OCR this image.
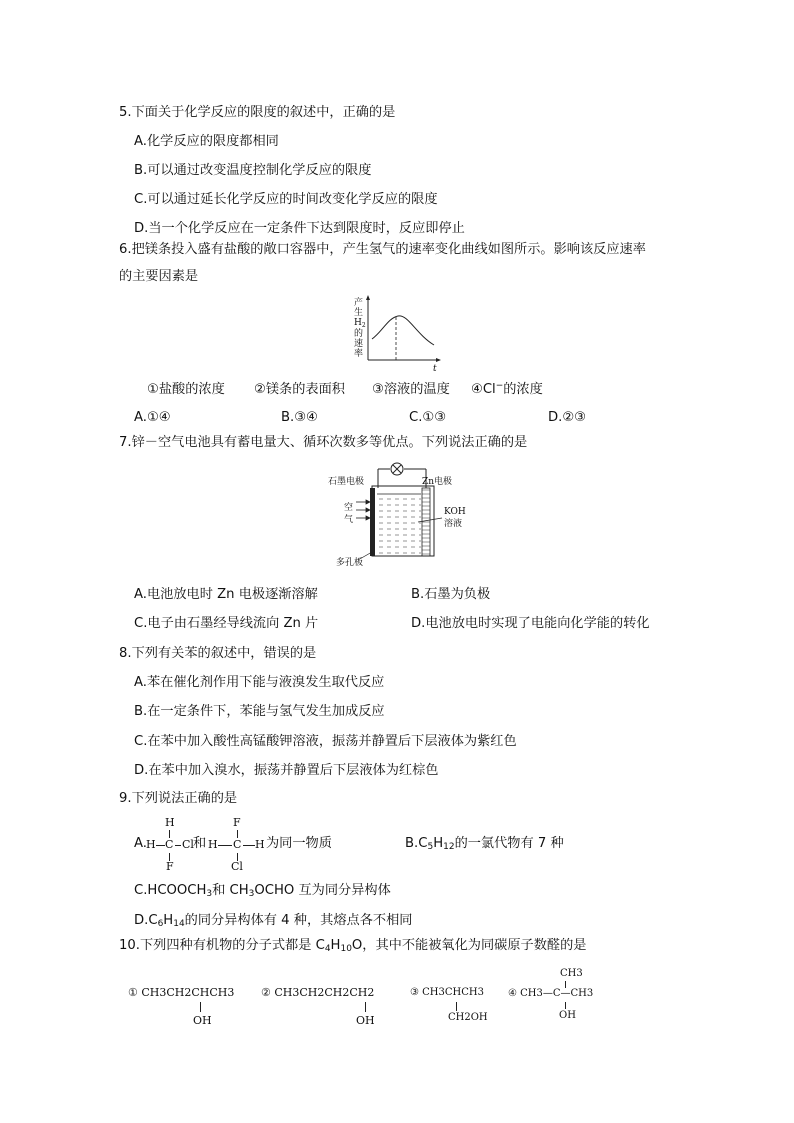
5.下面关于化学反应的限度的叙述中，正确的是
A.化学反应的限度都相同
B.可以通过改变温度控制化学反应的限度
C.可以通过延长化学反应的时间改变化学反应的限度
D.当一个化学反应在一定条件下达到限度时，反应即停止
6.把镁条投入盛有盐酸的敞口容器中，产生氢气的速率变化曲线如图所示。影响该反应速率
的主要因素是
产
生
$H_2$
的
速
率
t
①盐酸的浓度 ②镁条的表面积 ③溶液的温度 ④Cl−的浓度
A.①④	B.③④	C.①③	D.②③
7.锌－空气电池具有蓄电量大、循环次数多等优点。下列说法正确的是
石墨电极	Zn电极
空
气
KOH
溶液
多孔板
A.电池放电时 Zn 电极逐渐溶解	B.石墨为负极
C.电子由石墨经导线流向 Zn 片	D.电池放电时实现了电能向化学能的转化
8.下列有关苯的叙述中，错误的是
A.苯在催化剂作用下能与液溴发生取代反应
B.在一定条件下，苯能与氢气发生加成反应
C.在苯中加入酸性高锰酸钾溶液，振荡并静置后下层液体为紫红色
D.在苯中加入溴水，振荡并静置后下层液体为红棕色
9.下列说法正确的是
A.
H
H C Cl
F
和
F
H C H
Cl
为同一物质	$B.C_5H_{12}$的一氯代物有 7 种
$C.HCOOCH_3$和 $CH_3OCHO$ 互为同分异构体
$D.C_6H_{14}$的同分异构体有 4 种，其熔点各不相同
10.下列四种有机物的分子式都是 $C_4H_{10}O$，其中不能被氧化为同碳原子数醛的是
① CH3CH2CHCH3
OH
② CH3CH2CH2CH2
OH
③ CH3CHCH3
CH2OH
CH3
④ CH3—C—CH3
OH
